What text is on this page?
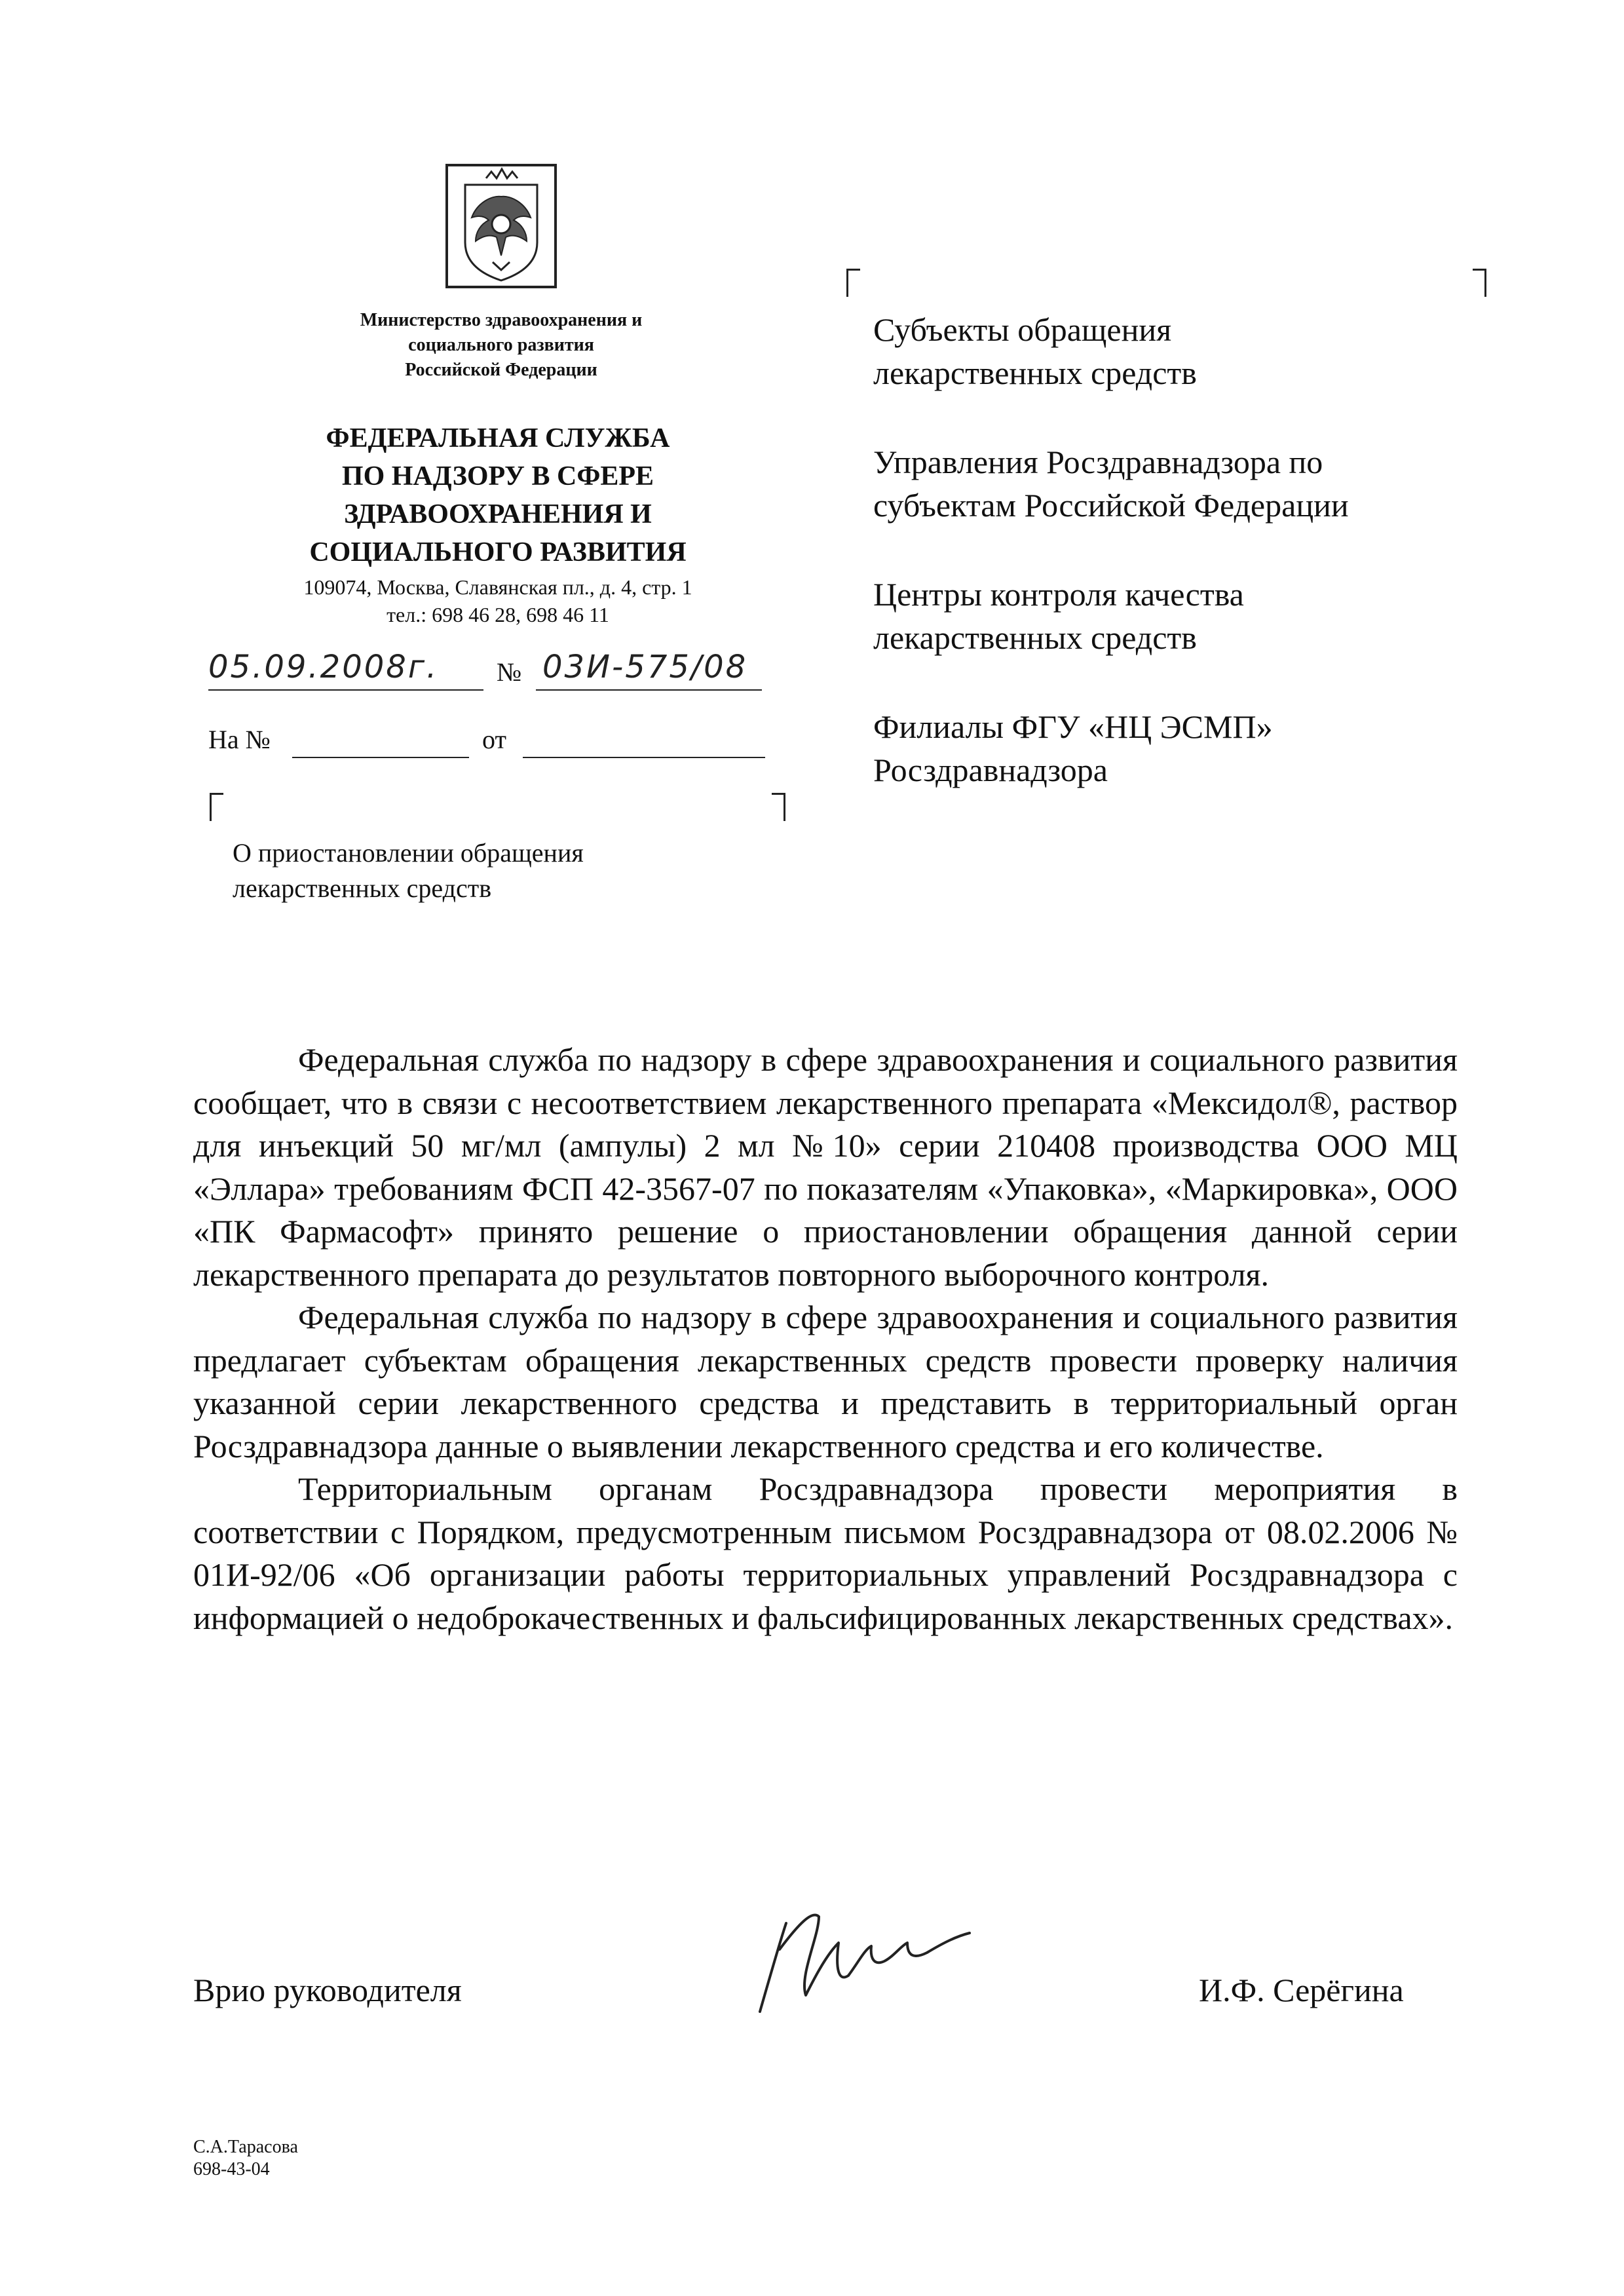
Министерство здравоохранения и
социального развития
Российской Федерации
ФЕДЕРАЛЬНАЯ СЛУЖБА
ПО НАДЗОРУ В СФЕРЕ
ЗДРАВООХРАНЕНИЯ И
СОЦИАЛЬНОГО РАЗВИТИЯ
109074, Москва, Славянская пл., д. 4, стр. 1
тел.: 698 46 28, 698 46 11
05.09.2008г. № 03И-575/08
На №	от
О приостановлении обращения
лекарственных средств
Субъекты обращения
лекарственных средств
Управления Росздравнадзора по
субъектам Российской Федерации
Центры контроля качества
лекарственных средств
Филиалы ФГУ «НЦ ЭСМП»
Росздравнадзора

Федеральная служба по надзору в сфере здравоохранения и социального развития сообщает, что в связи с несоответствием лекарственного препарата «Мексидол®, раствор для инъекций 50 мг/мл (ампулы) 2 мл №10» серии 210408 производства ООО МЦ «Эллара» требованиям ФСП 42-3567-07 по показателям «Упаковка», «Маркировка», ООО «ПК Фармасофт» принято решение о приостановлении обращения данной серии лекарственного препарата до результатов повторного выборочного контроля.

Федеральная служба по надзору в сфере здравоохранения и социального развития предлагает субъектам обращения лекарственных средств провести проверку наличия указанной серии лекарственного средства и представить в территориальный орган Росздравнадзора данные о выявлении лекарственного средства и его количестве.

Территориальным органам Росздравнадзора провести мероприятия в соответствии с Порядком, предусмотренным письмом Росздравнадзора от 08.02.2006 № 01И-92/06 «Об организации работы территориальных управлений Росздравнадзора с информацией о недоброкачественных и фальсифицированных лекарственных средствах».

Врио руководителя	И.Ф. Серёгина
С.А.Тарасова
698-43-04
